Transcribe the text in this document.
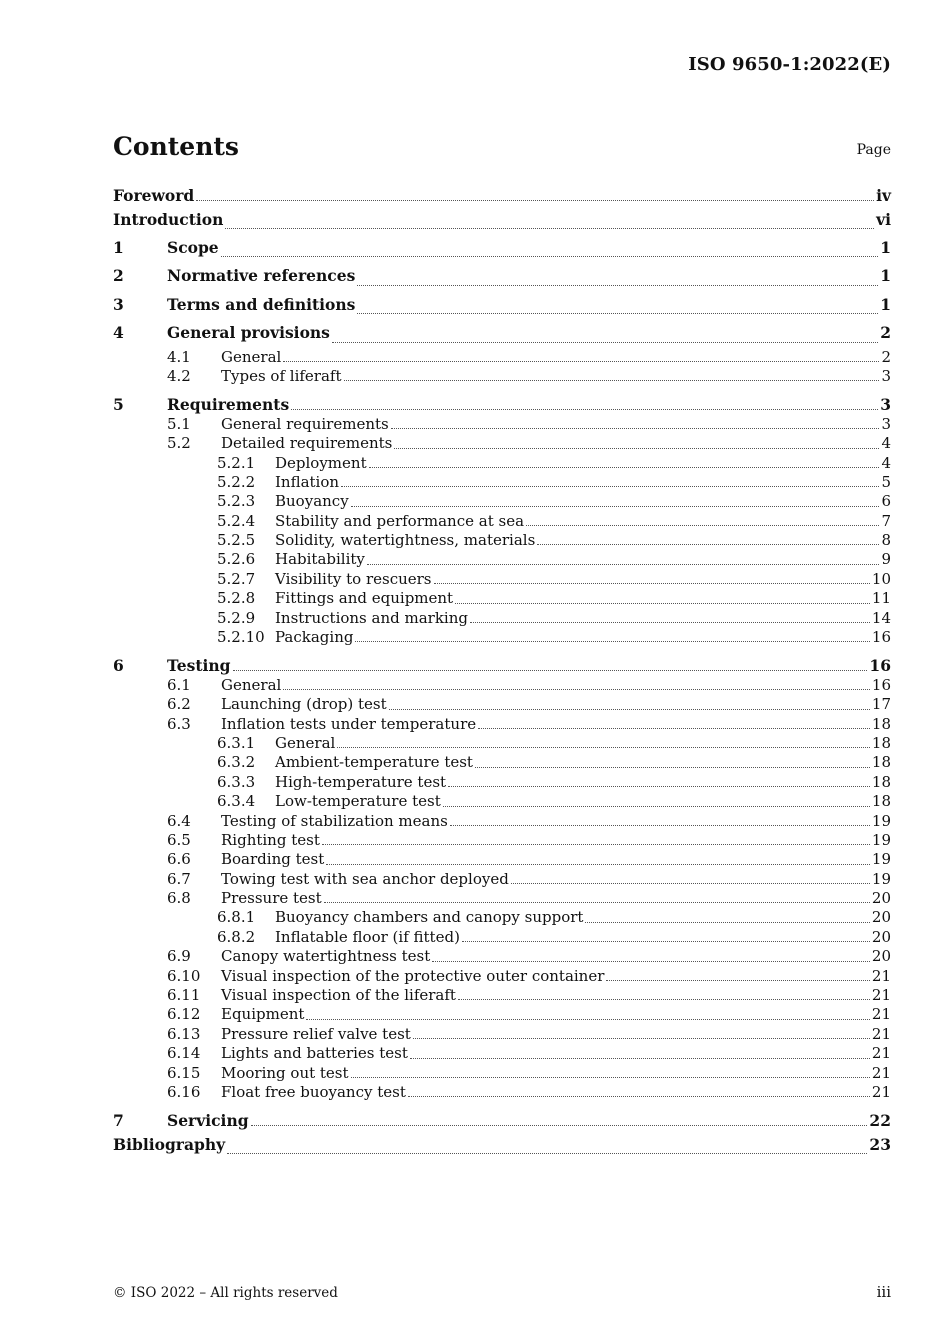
ISO 9650-1:2022(E)
Contents	Page
Foreword	iv
Introduction	vi
1	Scope	1
2	Normative references	1
3	Terms and definitions	1
4	General provisions	2
4.1	General	2
4.2	Types of liferaft	3
5	Requirements	3
5.1	General requirements	3
5.2	Detailed requirements	4
5.2.1	Deployment	4
5.2.2	Inflation	5
5.2.3	Buoyancy	6
5.2.4	Stability and performance at sea	7
5.2.5	Solidity, watertightness, materials	8
5.2.6	Habitability	9
5.2.7	Visibility to rescuers	10
5.2.8	Fittings and equipment	11
5.2.9	Instructions and marking	14
5.2.10 Packaging	16
6	Testing	16
6.1	General	16
6.2	Launching (drop) test	17
6.3	Inflation tests under temperature	18
6.3.1	General	18
6.3.2	Ambient-temperature test	18
6.3.3	High-temperature test	18
6.3.4	Low-temperature test	18
6.4	Testing of stabilization means	19
6.5	Righting test	19
6.6	Boarding test	19
6.7	Towing test with sea anchor deployed	19
6.8	Pressure test	20
6.8.1	Buoyancy chambers and canopy support	20
6.8.2	Inflatable floor (if fitted)	20
6.9	Canopy watertightness test	20
6.10	Visual inspection of the protective outer container	21
6.11	Visual inspection of the liferaft	21
6.12	Equipment	21
6.13	Pressure relief valve test	21
6.14	Lights and batteries test	21
6.15	Mooring out test	21
6.16	Float free buoyancy test	21
7	Servicing	22
Bibliography	23
© ISO 2022 – All rights reserved	iii
